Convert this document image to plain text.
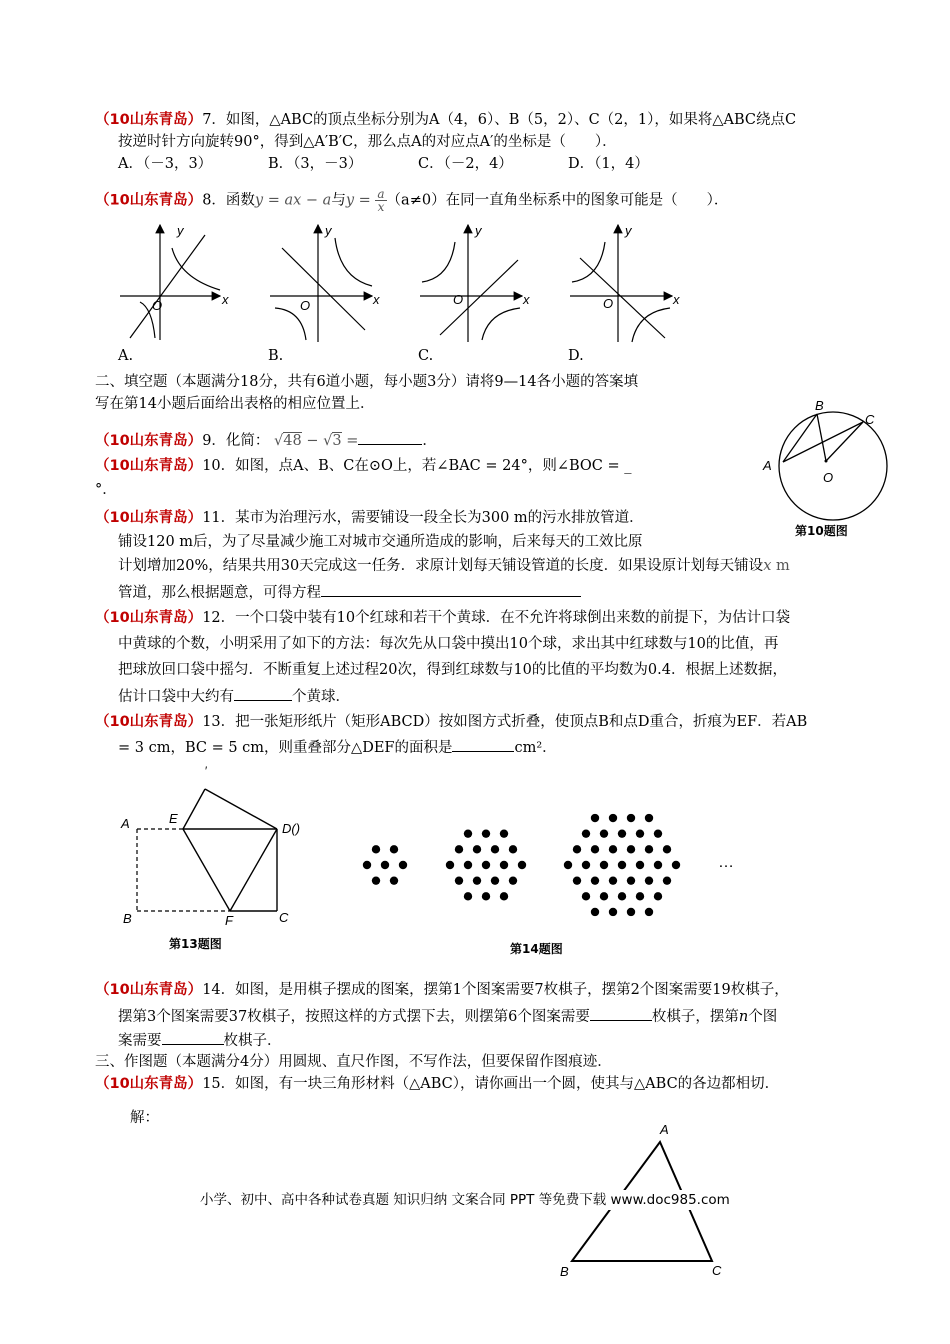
（10山东青岛）7．如图，△ABC的顶点坐标分别为A（4，6）、B（5，2）、C（2，1），如果将△ABC绕点C
按逆时针方向旋转90°，得到△A′B′C，那么点A的对应点A′的坐标是（　　）．
A．（－3，3）	B．（3，－3）	C．（－2，4）	D．（1，4）
（10山东青岛）8．函数y = ax − a与$y = \frac{a}{x} (a\ne 0)$在同一直角坐标系中的图象可能是（　　）．
y
x
O
y
x
O
y
x
O
y
x
O
A.	B.	C.	D.
二、填空题（本题满分18分，共有6道小题，每小题3分）请将9—14各小题的答案填
写在第14小题后面给出表格的相应位置上．
（10山东青岛）9．化简： √48 − √3 =	．
（10山东青岛）10．如图，点A、B、C在⊙O上，若∠BAC = 24°，则∠BOC = _
°．
B
C
A
O
第10题图
（10山东青岛）11．某市为治理污水，需要铺设一段全长为300 m的污水排放管道．
铺设120 m后，为了尽量减少施工对城市交通所造成的影响，后来每天的工效比原
计划增加20%，结果共用30天完成这一任务．求原计划每天铺设管道的长度．如果设原计划每天铺设x m
管道，那么根据题意，可得方程
（10山东青岛）12．一个口袋中装有10个红球和若干个黄球．在不允许将球倒出来数的前提下，为估计口袋
中黄球的个数，小明采用了如下的方法：每次先从口袋中摸出10个球，求出其中红球数与10的比值，再
把球放回口袋中摇匀．不断重复上述过程20次，得到红球数与10的比值的平均数为0.4．根据上述数据，
估计口袋中大约有	个黄球．
（10山东青岛）13．把一张矩形纸片（矩形ABCD）按如图方式折叠，使顶点B和点D重合，折痕为EF．若AB
= 3 cm，BC = 5 cm，则重叠部分△DEF的面积是	cm²．
′
A	E
D()
B	F	C
第13题图
…
第14题图
（10山东青岛）14．如图，是用棋子摆成的图案，摆第1个图案需要7枚棋子，摆第2个图案需要19枚棋子，
摆第3个图案需要37枚棋子，按照这样的方式摆下去，则摆第6个图案需要	枚棋子，摆第n个图
案需要	枚棋子．
三、作图题（本题满分4分）用圆规、直尺作图，不写作法，但要保留作图痕迹．
（10山东青岛）15．如图，有一块三角形材料（△ABC），请你画出一个圆，使其与△ABC的各边都相切．
解：
A
B	C
小学、初中、高中各种试卷真题 知识归纳 文案合同 PPT 等免费下载 www.doc985.com
